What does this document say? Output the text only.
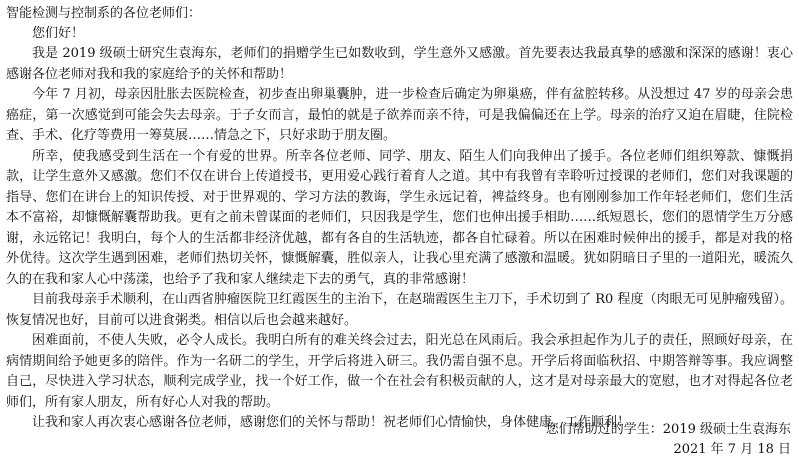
智能检测与控制系的各位老师们：

您们好！

我是 2019 级硕士研究生袁海东，老师们的捐赠学生已如数收到，学生意外又感激。首先要表达我最真挚的感激和深深的感谢！衷心感谢各位老师对我和我的家庭给予的关怀和帮助！

今年 7 月初，母亲因肚胀去医院检查，初步查出卵巢囊肿，进一步检查后确定为卵巢癌，伴有盆腔转移。从没想过 47 岁的母亲会患癌症，第一次感觉到可能会失去母亲。于子女而言，最怕的就是子欲养而亲不待，可是我偏偏还在上学。母亲的治疗又迫在眉睫，住院检查、手术、化疗等费用一筹莫展……情急之下，只好求助于朋友圈。

所幸，使我感受到生活在一个有爱的世界。所幸各位老师、同学、朋友、陌生人们向我伸出了援手。各位老师们组织筹款、慷慨捐款，让学生意外又感激。您们不仅在讲台上传道授书，更用爱心践行着育人之道。其中有我曾有幸聆听过授课的老师们，您们对我课题的指导、您们在讲台上的知识传授、对于世界观的、学习方法的教诲，学生永远记着，裨益终身。也有刚刚参加工作年轻老师们，您们生活本不富裕，却慷慨解囊帮助我。更有之前未曾谋面的老师们，只因我是学生，您们也伸出援手相助……纸短恩长，您们的恩情学生万分感谢，永远铭记！我明白，每个人的生活都非经济优越，都有各自的生活轨迹，都各自忙碌着。所以在困难时候伸出的援手，都是对我的格外优待。这次学生遇到困难，老师们热切关怀，慷慨解囊，胜似亲人，让我心里充满了感激和温暖。犹如阴暗日子里的一道阳光，暖流久久的在我和家人心中荡漾，也给予了我和家人继续走下去的勇气，真的非常感谢！

目前我母亲手术顺利，在山西省肿瘤医院卫红霞医生的主治下，在赵瑞霞医生主刀下，手术切到了 R0 程度（肉眼无可见肿瘤残留）。恢复情况也好，目前可以进食粥类。相信以后也会越来越好。

困难面前，不使人失败，必令人成长。我明白所有的难关终会过去，阳光总在风雨后。我会承担起作为儿子的责任，照顾好母亲，在病情期间给予她更多的陪伴。作为一名研二的学生，开学后将进入研三。我仍需自强不息。开学后将面临秋招、中期答辩等事。我应调整自己，尽快进入学习状态，顺利完成学业，找一个好工作，做一个在社会有积极贡献的人，这才是对母亲最大的宽慰，也才对得起各位老师们，所有家人朋友，所有好心人对我的帮助。

让我和家人再次衷心感谢各位老师，感谢您们的关怀与帮助！祝老师们心情愉快，身体健康，工作顺利！

您们帮助过的学生：2019 级硕士生袁海东
2021 年 7 月 18 日
